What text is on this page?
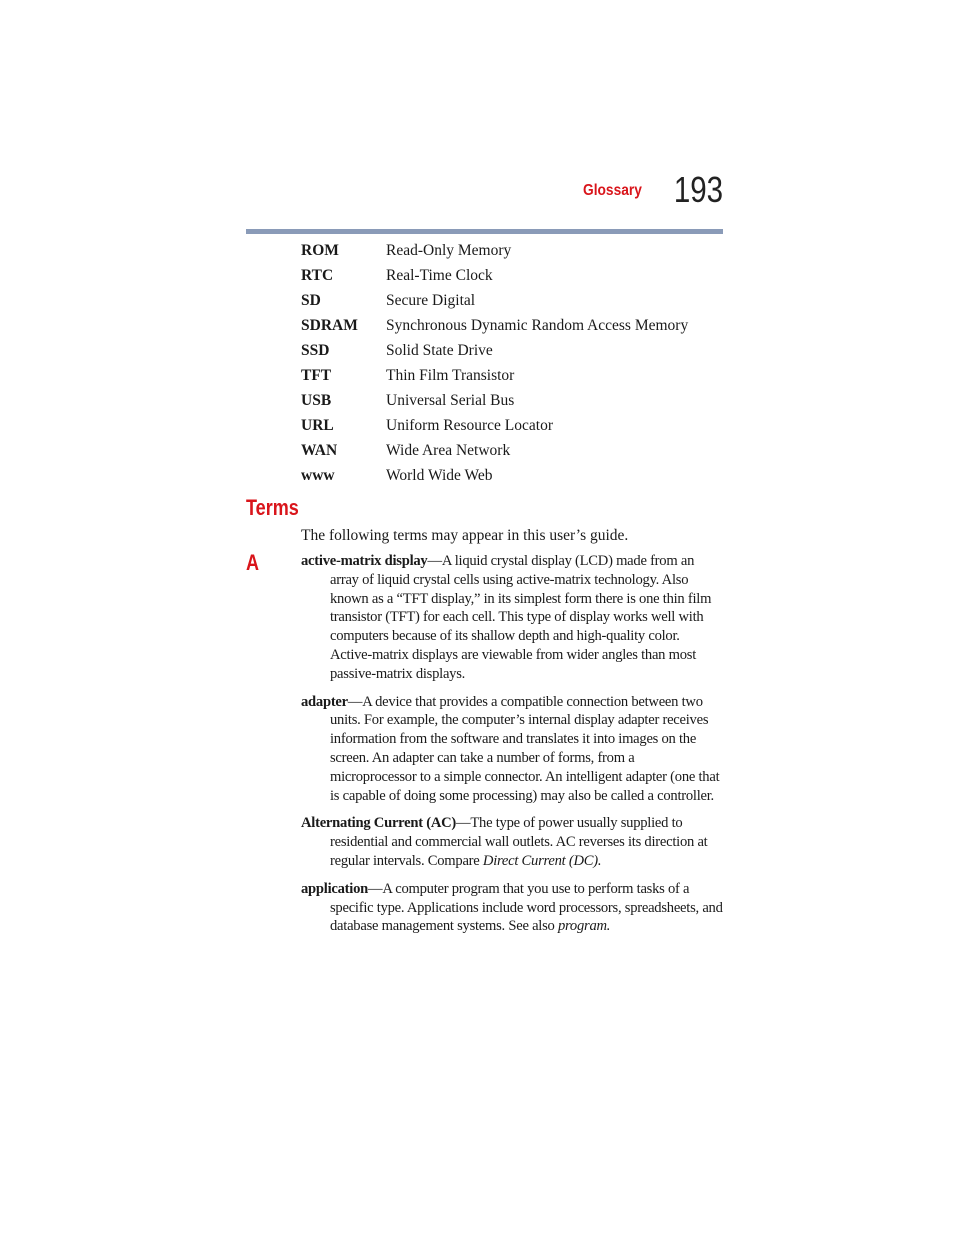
Glossary 193
ROM	Read-Only Memory
RTC	Real-Time Clock
SD	Secure Digital
SDRAM Synchronous Dynamic Random Access Memory
SSD	Solid State Drive
TFT	Thin Film Transistor
USB	Universal Serial Bus
URL	Uniform Resource Locator
WAN	Wide Area Network
www	World Wide Web
Terms
The following terms may appear in this user’s guide.
A	active-matrix display—A liquid crystal display (LCD) made from an array of liquid crystal cells using active-matrix technology. Also known as a “TFT display,” in its simplest form there is one thin film transistor (TFT) for each cell. This type of display works well with computers because of its shallow depth and high-quality color. Active-matrix displays are viewable from wider angles than most passive-matrix displays.

adapter—A device that provides a compatible connection between two units. For example, the computer’s internal display adapter receives information from the software and translates it into images on the screen. An adapter can take a number of forms, from a microprocessor to a simple connector. An intelligent adapter (one that is capable of doing some processing) may also be called a controller.

Alternating Current (AC)—The type of power usually supplied to residential and commercial wall outlets. AC reverses its direction at regular intervals. Compare Direct Current (DC).

application—A computer program that you use to perform tasks of a specific type. Applications include word processors, spreadsheets, and database management systems. See also program.
